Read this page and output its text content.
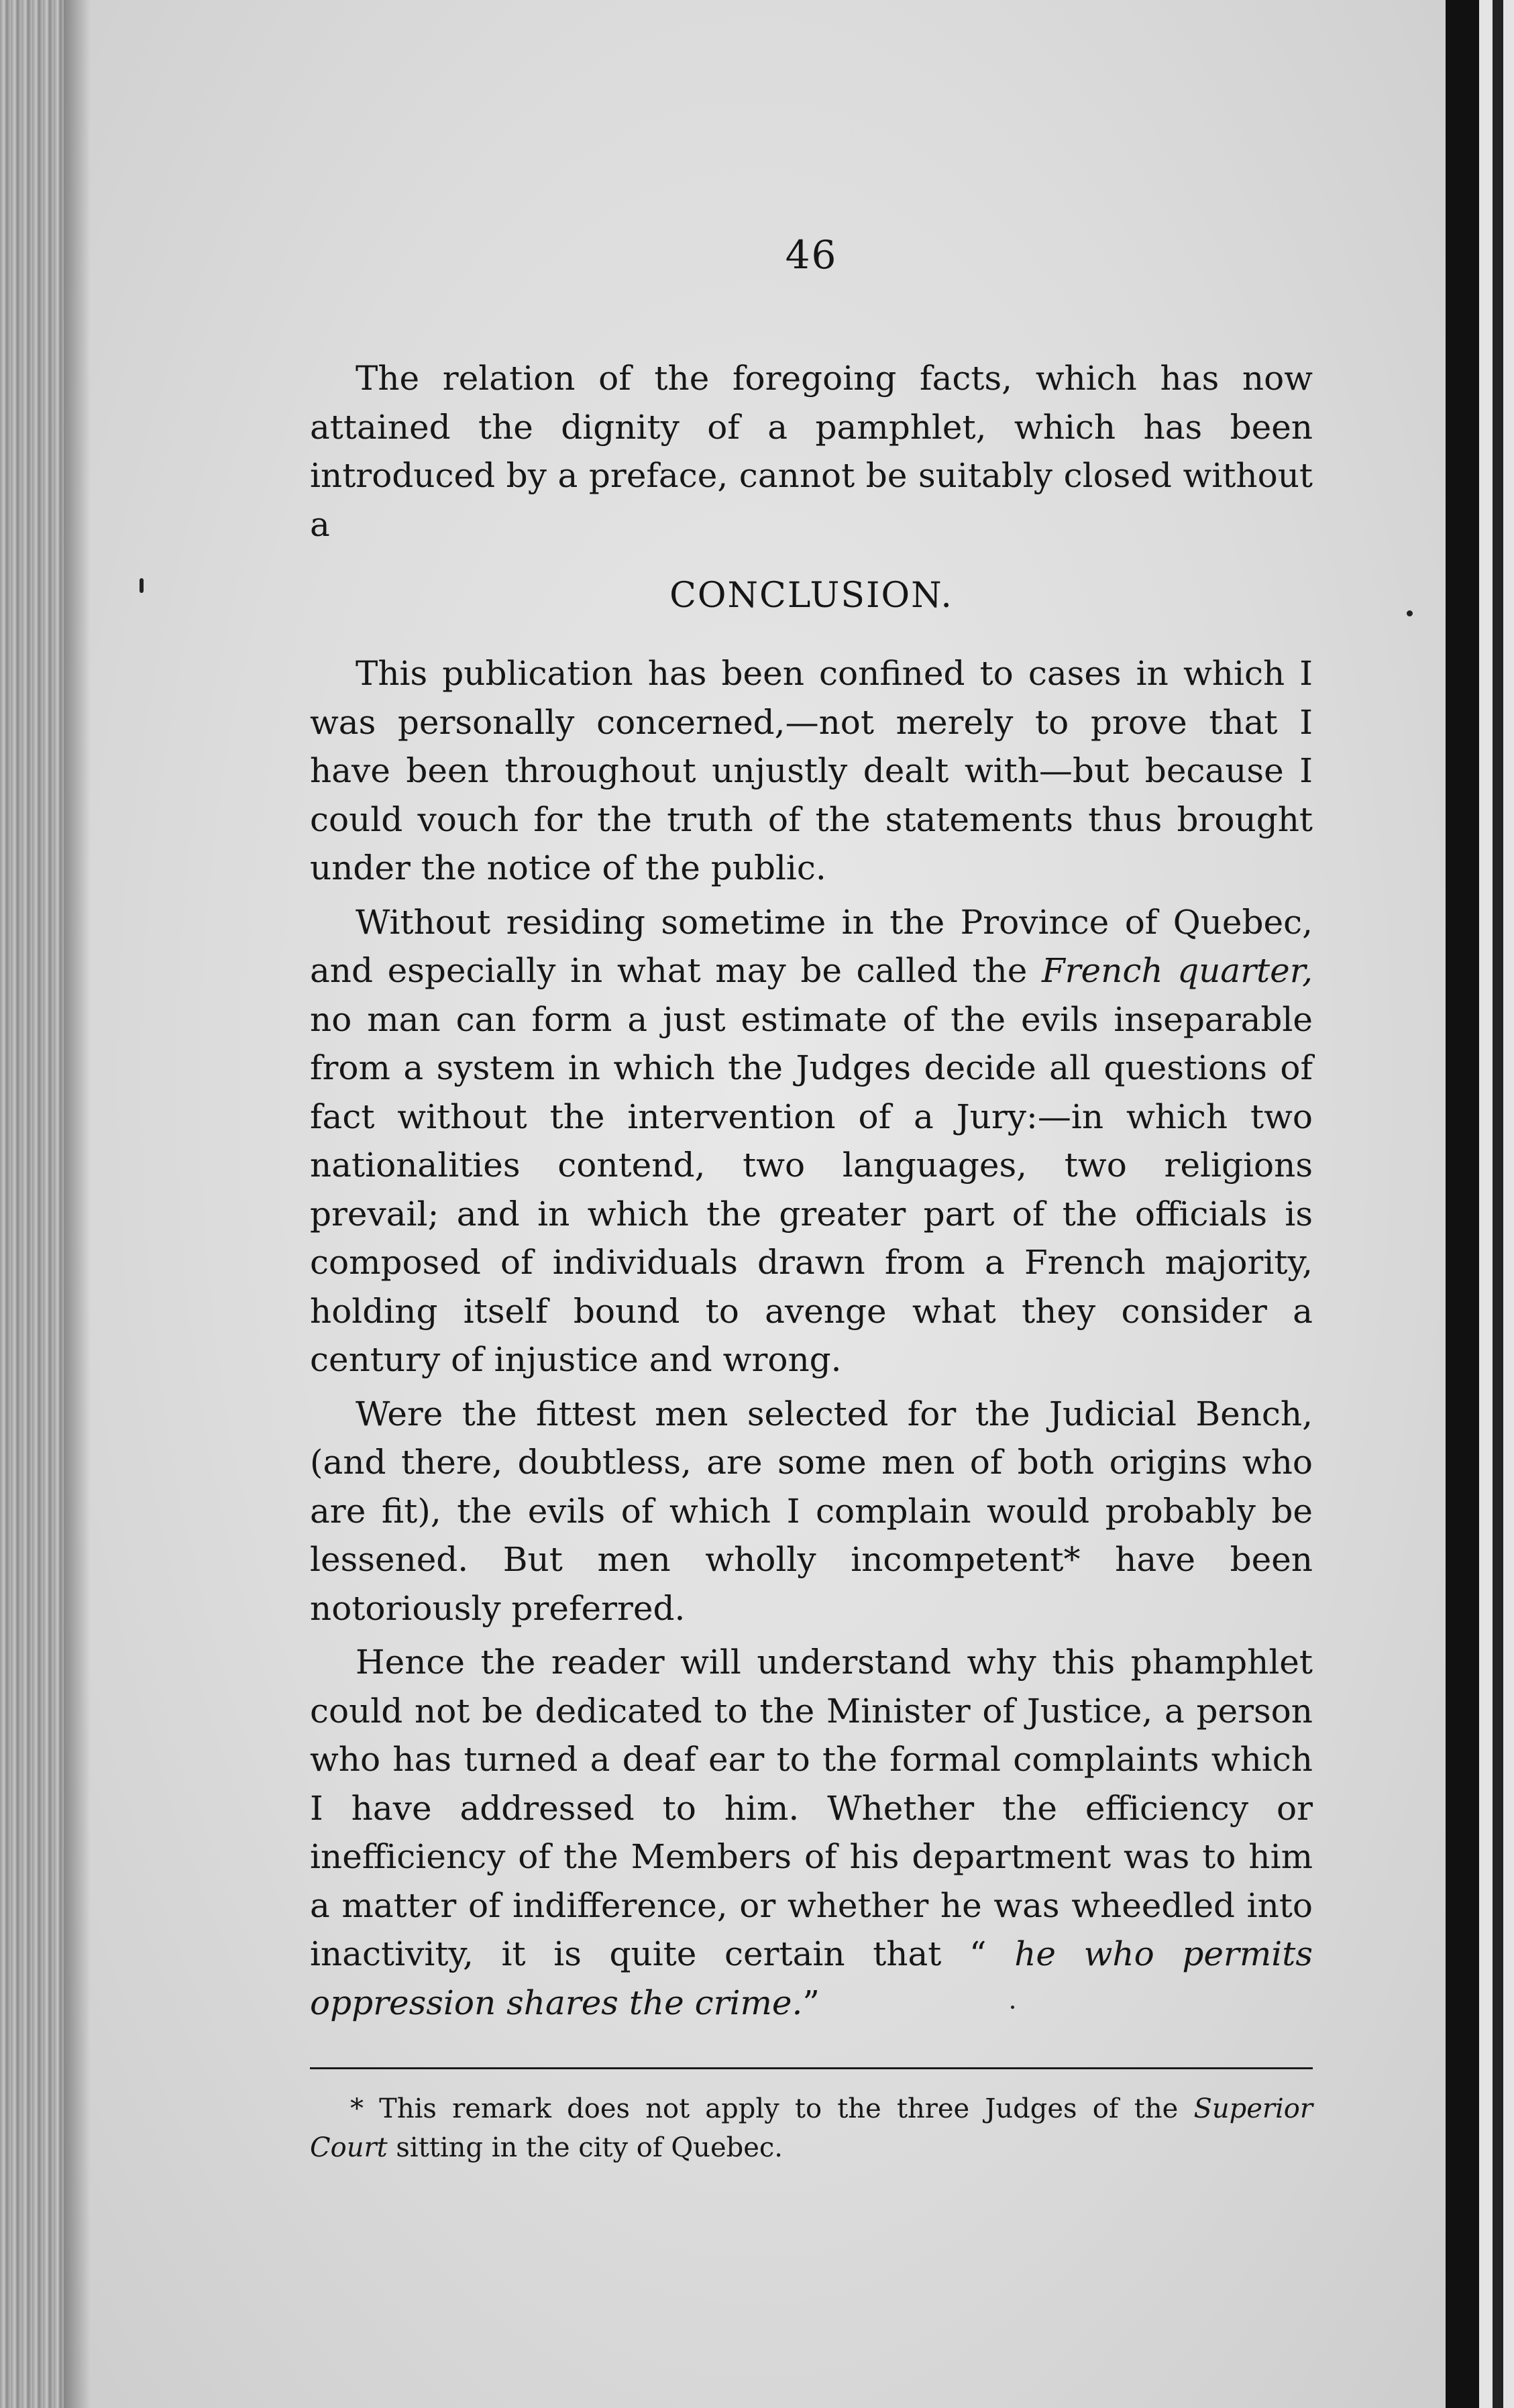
46

The relation of the foregoing facts, which has now attained the dignity of a pamphlet, which has been introduced by a preface, cannot be suitably closed without a

CONCLUSION.

This publication has been confined to cases in which I was personally concerned,—not merely to prove that I have been throughout unjustly dealt with—but because I could vouch for the truth of the statements thus brought under the notice of the public.

Without residing sometime in the Province of Quebec, and especially in what may be called the French quarter, no man can form a just estimate of the evils inseparable from a system in which the Judges decide all questions of fact without the intervention of a Jury:—in which two nationalities contend, two languages, two religions prevail; and in which the greater part of the officials is composed of individuals drawn from a French majority, holding itself bound to avenge what they consider a century of injustice and wrong.

Were the fittest men selected for the Judicial Bench, (and there, doubtless, are some men of both origins who are fit), the evils of which I complain would probably be lessened. But men wholly incompetent* have been notoriously preferred.

Hence the reader will understand why this phamphlet could not be dedicated to the Minister of Justice, a person who has turned a deaf ear to the formal complaints which I have addressed to him. Whether the efficiency or inefficiency of the Members of his department was to him a matter of indifference, or whether he was wheedled into inactivity, it is quite certain that “ he who permits oppression shares the crime.”

* This remark does not apply to the three Judges of the Superior Court sitting in the city of Quebec.
